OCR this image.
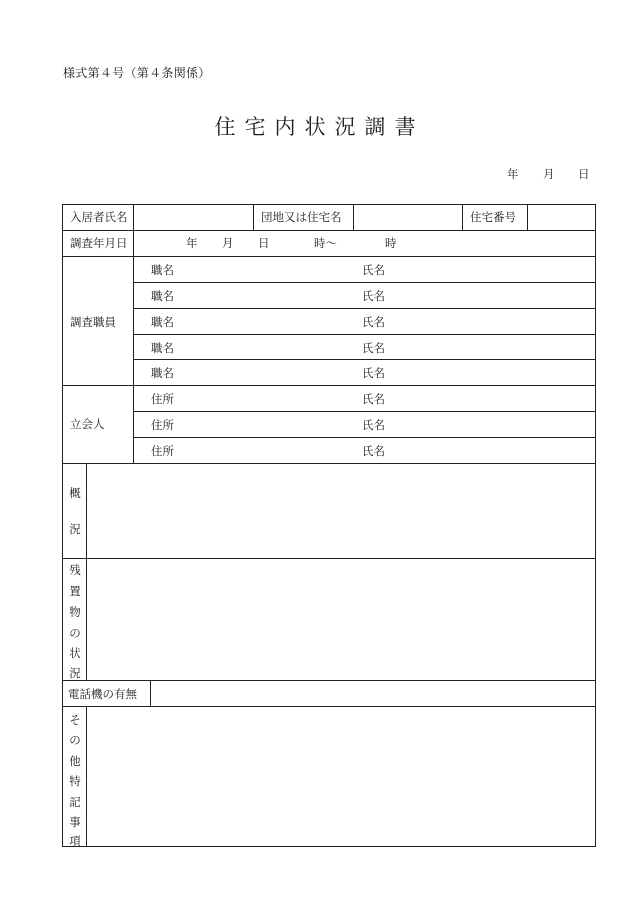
様式第４号（第４条関係）
住宅内状況調書
年 月 日
入居者氏名	団地又は住宅名	住宅番号
調査年月日	年 月 日	時～	時
調査職員
職名	氏名
職名	氏名
職名	氏名
職名	氏名
職名	氏名
立会人
住所	氏名
住所	氏名
住所	氏名
概
況
残
置
物
の
状
況
電話機の有無
そ
の
他
特
記
事
項
